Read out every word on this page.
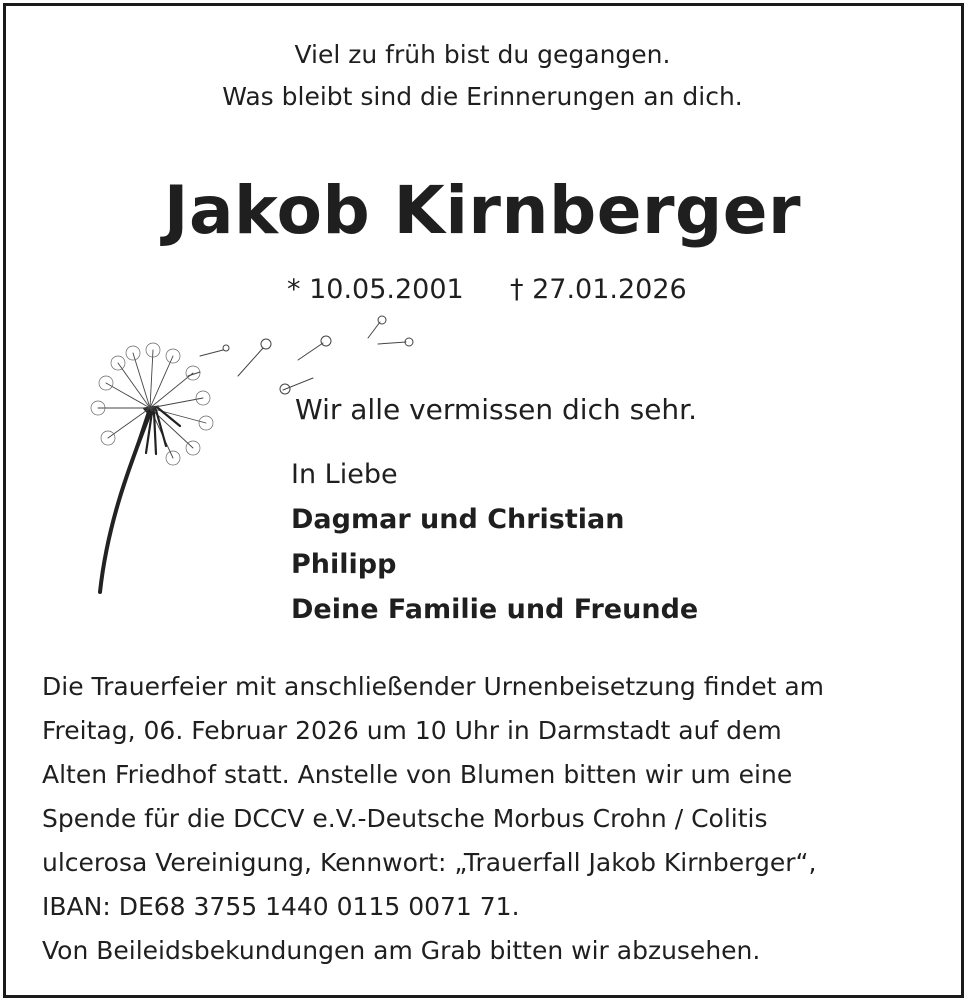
Viel zu früh bist du gegangen.
Was bleibt sind die Erinnerungen an dich.
Jakob Kirnberger
* 10.05.2001 † 27.01.2026
Wir alle vermissen dich sehr.
In Liebe
Dagmar und Christian
Philipp
Deine Familie und Freunde
Die Trauerfeier mit anschließender Urnenbeisetzung findet am
Freitag, 06. Februar 2026 um 10 Uhr in Darmstadt auf dem
Alten Friedhof statt. Anstelle von Blumen bitten wir um eine
Spende für die DCCV e.V.-Deutsche Morbus Crohn / Colitis
ulcerosa Vereinigung, Kennwort: „Trauerfall Jakob Kirnberger“,
IBAN: DE68 3755 1440 0115 0071 71.
Von Beileidsbekundungen am Grab bitten wir abzusehen.
